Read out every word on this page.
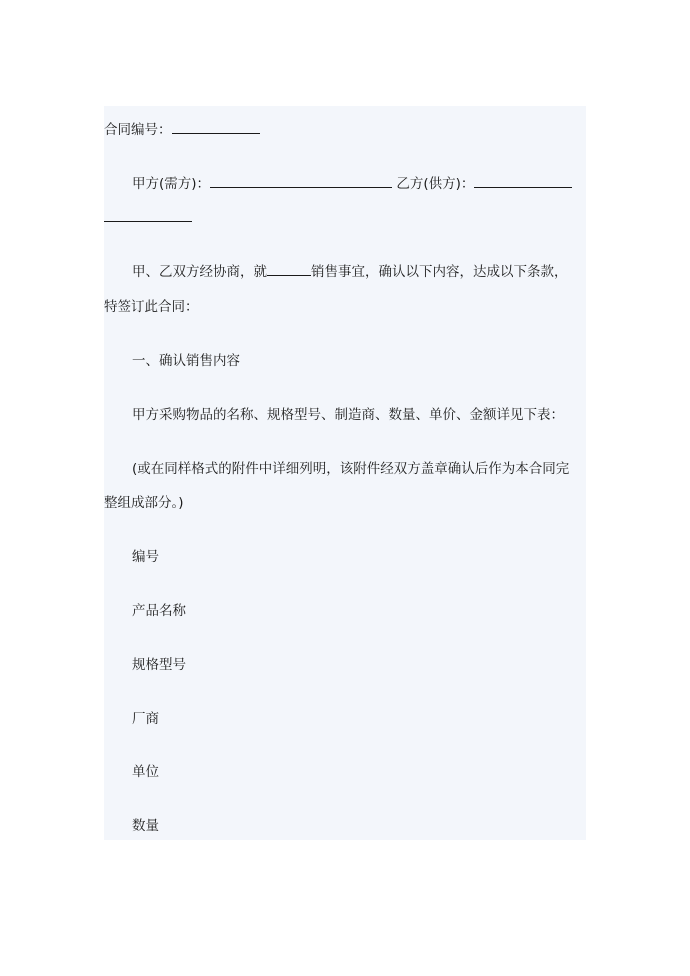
合同编号：
甲方(需方)：	乙方(供方)：
甲、乙双方经协商，就	销售事宜，确认以下内容，达成以下条款，
特签订此合同：
一、确认销售内容
甲方采购物品的名称、规格型号、制造商、数量、单价、金额详见下表：
(或在同样格式的附件中详细列明，该附件经双方盖章确认后作为本合同完
整组成部分。)
编号
产品名称
规格型号
厂商
单位
数量
